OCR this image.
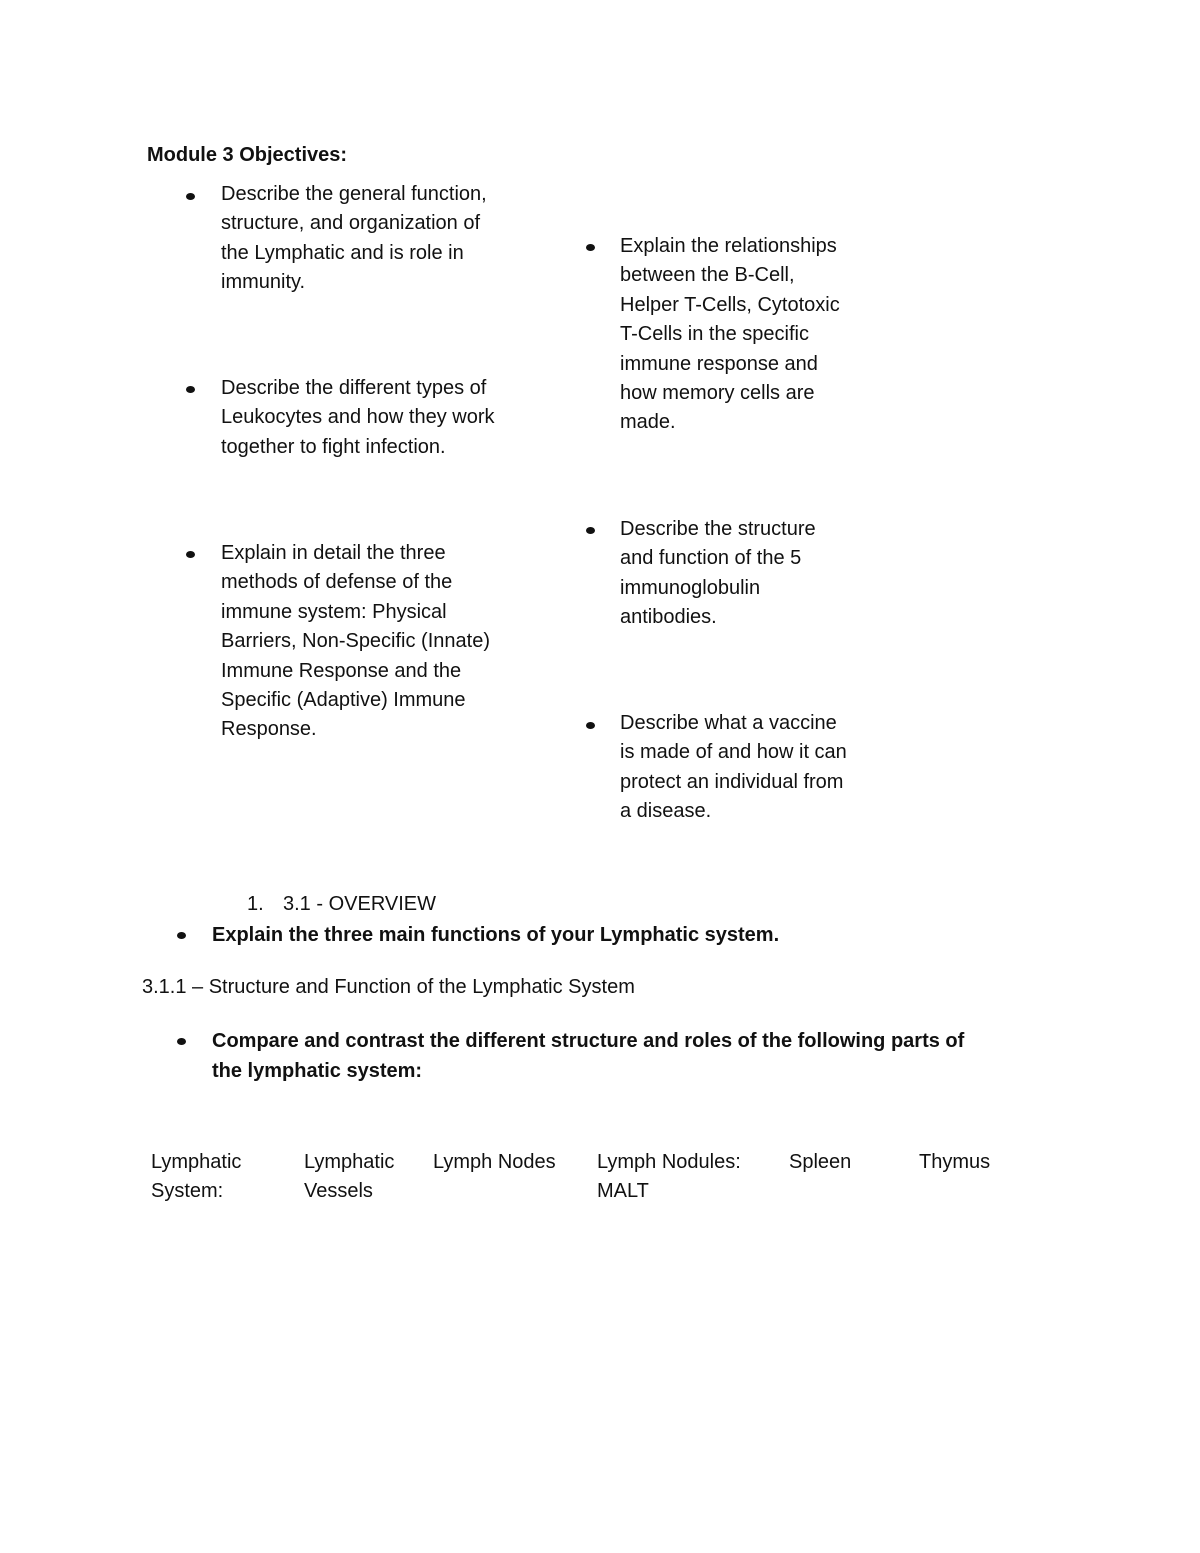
Module 3 Objectives:
Describe the general function,
structure, and organization of
the Lymphatic and is role in
immunity.
Describe the different types of
Leukocytes and how they work
together to fight infection.
Explain in detail the three
methods of defense of the
immune system: Physical
Barriers, Non-Specific (Innate)
Immune Response and the
Specific (Adaptive) Immune
Response.
Explain the relationships
between the B-Cell,
Helper T-Cells, Cytotoxic
T-Cells in the specific
immune response and
how memory cells are
made.
Describe the structure
and function of the 5
immunoglobulin
antibodies.
Describe what a vaccine
is made of and how it can
protect an individual from
a disease.
1. 3.1 - OVERVIEW
Explain the three main functions of your Lymphatic system.
3.1.1 – Structure and Function of the Lymphatic System
Compare and contrast the different structure and roles of the following parts of
the lymphatic system:
Lymphatic
System:
Lymphatic
Vessels
Lymph Nodes Lymph Nodules:
MALT
Spleen	Thymus
